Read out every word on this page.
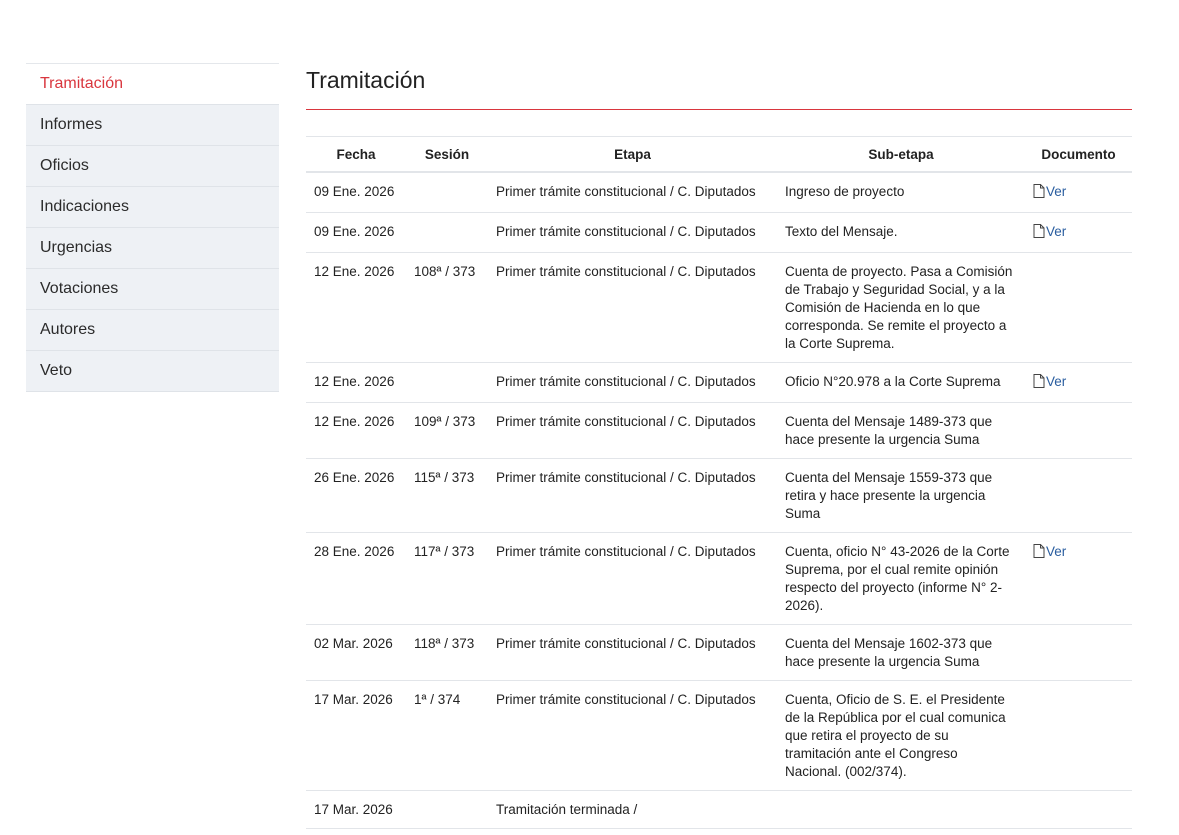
Tramitación
Informes
Oficios
Indicaciones
Urgencias
Votaciones
Autores
Veto
Tramitación
Fecha	Sesión	Etapa	Sub-etapa	Documento
09 Ene. 2026		Primer trámite constitucional / C. Diputados	Ingreso de proyecto	Ver
09 Ene. 2026		Primer trámite constitucional / C. Diputados	Texto del Mensaje.	Ver
12 Ene. 2026	108ª / 373	Primer trámite constitucional / C. Diputados	Cuenta de proyecto. Pasa a Comisión de Trabajo y Seguridad Social, y a la Comisión de Hacienda en lo que corresponda. Se remite el proyecto a la Corte Suprema.	
12 Ene. 2026		Primer trámite constitucional / C. Diputados	Oficio N°20.978 a la Corte Suprema	Ver
12 Ene. 2026	109ª / 373	Primer trámite constitucional / C. Diputados	Cuenta del Mensaje 1489-373 que hace presente la urgencia Suma	
26 Ene. 2026	115ª / 373	Primer trámite constitucional / C. Diputados	Cuenta del Mensaje 1559-373 que retira y hace presente la urgencia Suma	
28 Ene. 2026	117ª / 373	Primer trámite constitucional / C. Diputados	Cuenta, oficio N° 43-2026 de la Corte Suprema, por el cual remite opinión respecto del proyecto (informe N° 2-2026).	Ver
02 Mar. 2026	118ª / 373	Primer trámite constitucional / C. Diputados	Cuenta del Mensaje 1602-373 que hace presente la urgencia Suma	
17 Mar. 2026	1ª / 374	Primer trámite constitucional / C. Diputados	Cuenta, Oficio de S. E. el Presidente de la República por el cual comunica que retira el proyecto de su tramitación ante el Congreso Nacional. (002/374).	
17 Mar. 2026		Tramitación terminada /		
